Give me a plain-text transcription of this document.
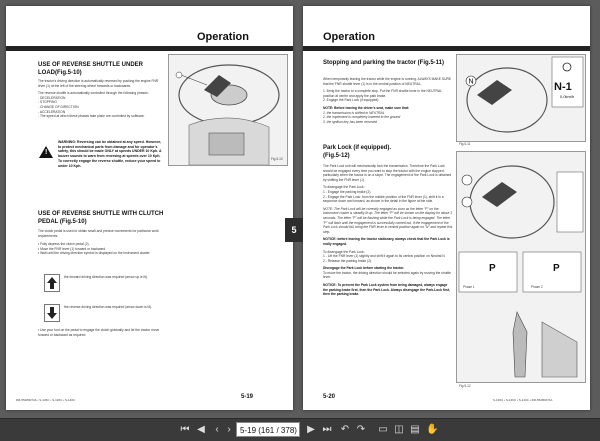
Operation
USE OF REVERSE SHUTTLE UNDER LOAD(Fig.5-10)

The tractor's driving direction is automatically reversed by pushing the engine FNR lever (1) at the left of the steering wheel forwards or backwards.

The reverse shuttle is automatically controlled through the following phases:

- DECELERATION

- STOPPING

- CHANGE OF DIRECTION

- ACCELERATION

- The speed at which these phases take place are controlled by software.

!
WARNING: Reversing can be obtained at any speed. However, to protect mechanical parts from damage and for operator's safety, this should be made ONLY at speeds UNDER 10 Kph. A buzzer sounds to warn from reversing at speeds over 10 Kph. To correctly engage the reverse shuttle, reduce your speed to under 10 Kph.
Fig.5-10
USE OF REVERSE SHUTTLE WITH CLUTCH PEDAL (Fig.5-10)

The clutch pedal is used to obtain small and precise movements for particular work requirements.

• Fully depress the clutch pedal (2).

• Move the FNR lever (1) forward or backward.

• Wait until the driving direction symbol is displayed on the instrument cluster:

the forward driving direction was required (arrow up is lit).
the reverse driving direction was required (arrow down is lit).
• Use your foot on the pedal to engage the clutch gradually and let the tractor move forward or backward as required.
RR-55280074A • S-136C • S-136C • S-140C	5-19
5
Operation
Stopping and parking the tractor (Fig.5-11)

When temporarily leaving the tractor while the engine is running, ALWAYS MAKE SURE that the FNR shuttle lever (1) is in the central position of NEUTRAL.

1. Bring the tractor to a complete stop. Put the FNR shuttle lever in the NEUTRAL position at centre and apply the park brake.

2. Engage the Park Lock (if equipped).

NOTE: Before leaving the driver's seat, make sure that:

1. the transmission is shifted to NEUTRAL

2. the implement is completely lowered to the ground

3. the ignition key has been removed

N	N-1
0,0km/h
Fig.5-11
Park Lock (if equipped).
(Fig.5-12)

The Park Lock unit will mechanically lock the transmission. Therefore the Park Lock should be engaged every time you want to stop the tractor with the engine stopped, particularly when the tractor is on a slope. The engagement of the Park Lock is obtained by shifting the FNR lever (1).

To disengage the Park Lock:

1 - Engage the parking brake (2).

2 - Engage the Park Lock: from the middle position of the FNR lever (1), shift it in a sequence down and forward, as shown in the detail in the figure at the side.

NOTE: The Park Lock will be correctly engaged as soon as the letter "P" on the instrument cluster is steadily lit up. The letter "P" will be shown on the display for about 3 seconds. The letter "P" will be flashing while the Park Lock is being engaged. The letter "P" will flash until the engagement is successfully carried out. If the engagement of the Park Lock should fail, bring the FNR lever in central position again on "N" and repeat this step.

NOTICE: before leaving the tractor stationary, always check that the Park Lock is really engaged.

To disengage the Park Lock:

1 - Lift the FNR lever (1) slightly and shift it again to its central position on Neutral N.

2 - Release the parking brake (2).

Disengage the Park Lock before starting the tractor.

To move the tractor, the driving direction should be selected again by moving the shuttle lever.

NOTICE: To prevent the Park Lock system from being damaged, always engage the parking brake first, then the Park Lock. Always disengage the Park-Lock first, then the parking brake.

P	P
Phase 1	Phase 2
Fig.5-12
5-20	S-136C • S-136C • S-140C • RR-55280074A
⏮ ◀	‹ ›	5-19 (161 / 378)	▶ ⏭ ↶ ↷ ▭ ◫ ▤ ✋
